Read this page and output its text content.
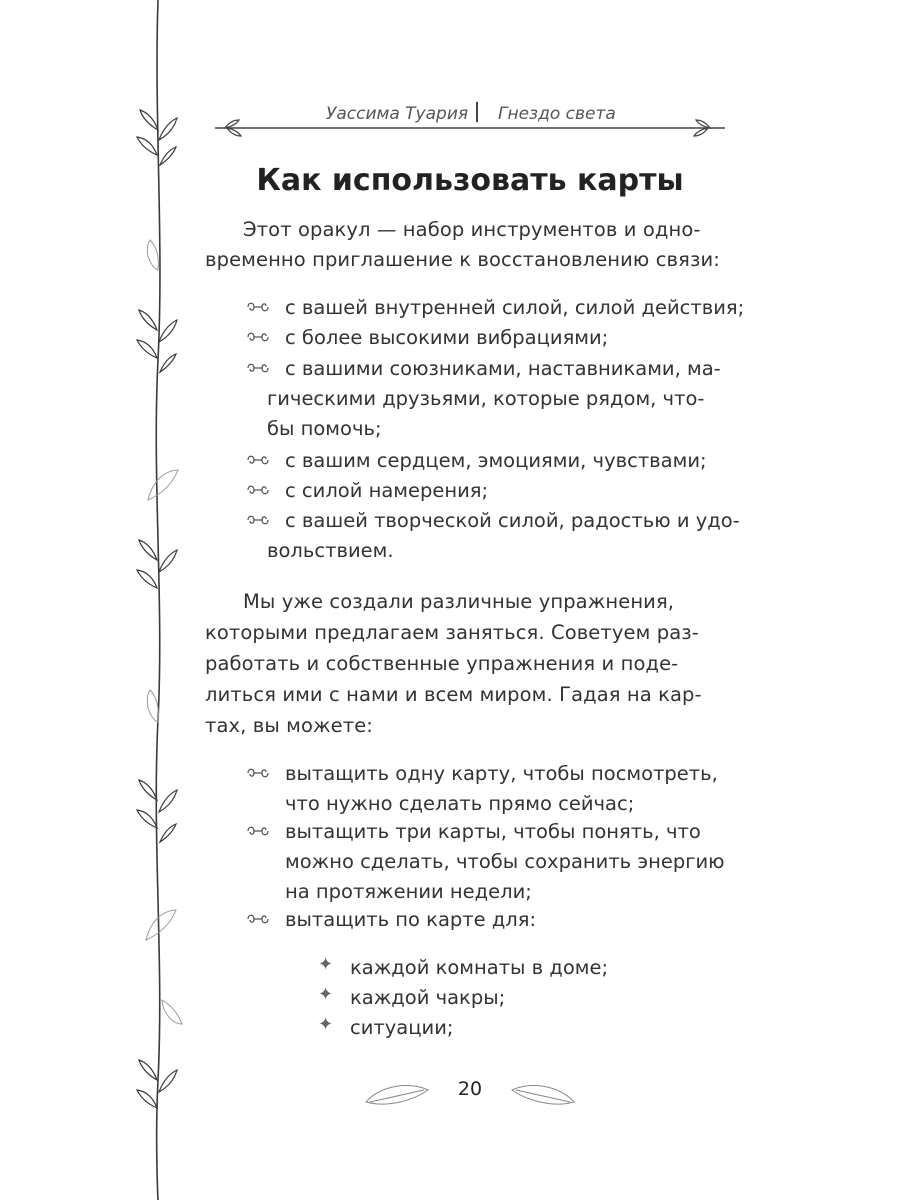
Уассима Туария Гнездо света
Как использовать карты
Этот оракул — набор инструментов и одно-
временно приглашение к восстановлению связи:
с вашей внутренней силой, силой действия;
с более высокими вибрациями;
с вашими союзниками, наставниками, ма-
гическими друзьями, которые рядом, что-
бы помочь;
с вашим сердцем, эмоциями, чувствами;
с силой намерения;
с вашей творческой силой, радостью и удо-
вольствием.
Мы уже создали различные упражнения,
которыми предлагаем заняться. Советуем раз-
работать и собственные упражнения и поде-
литься ими с нами и всем миром. Гадая на кар-
тах, вы можете:
вытащить одну карту, чтобы посмотреть,
что нужно сделать прямо сейчас;
вытащить три карты, чтобы понять, что
можно сделать, чтобы сохранить энергию
на протяжении недели;
вытащить по карте для:
✦ каждой комнаты в доме;
✦ каждой чакры;
✦ ситуации;
20
